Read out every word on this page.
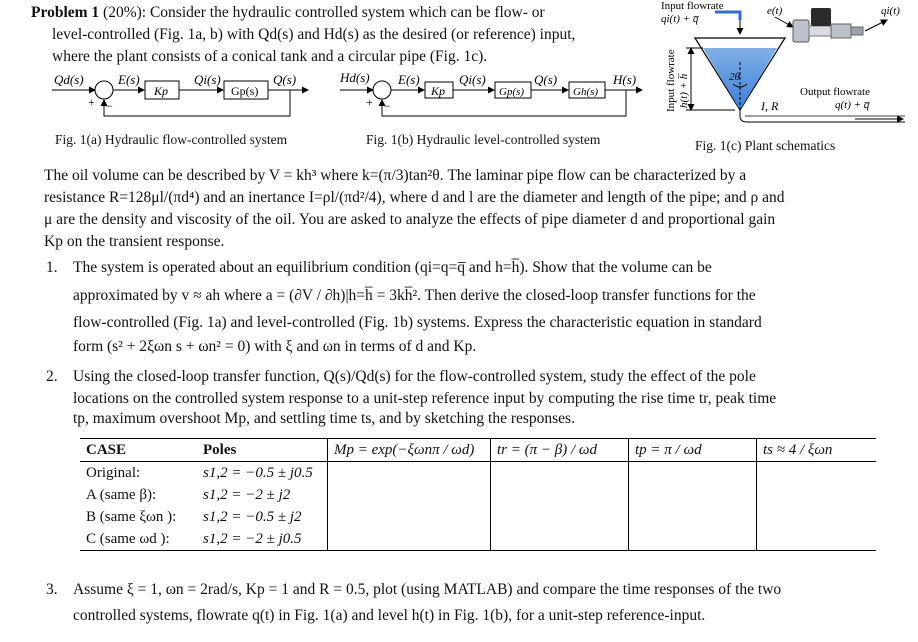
Problem 1 (20%): Consider the hydraulic controlled system which can be flow- or
level-controlled (Fig. 1a, b) with Qd(s) and Hd(s) as the desired (or reference) input,
where the plant consists of a conical tank and a circular pipe (Fig. 1c).
Qd(s)
+ −
E(s)
Kp
Qi(s)
Gp(s)
Q(s)
Fig. 1(a) Hydraulic flow-controlled system
Hd(s)
+ −
E(s)
Kp
Qi(s)
Gp(s)
Q(s)
Gh(s)
H(s)
Fig. 1(b) Hydraulic level-controlled system
Input flowrate
qi(t) + q̅
2θ
Input flowrate h(t) + h̅	I, R
Output flowrate
q(t) + q̅
e(t)	qi(t)
Fig. 1(c) Plant schematics
The oil volume can be described by V = kh³ where k=(π/3)tan²θ. The laminar pipe flow can be characterized by a
resistance R=128μl/(πd⁴) and an inertance I=ρl/(πd²/4), where d and l are the diameter and length of the pipe; and ρ and
μ are the density and viscosity of the oil. You are asked to analyze the effects of pipe diameter d and proportional gain
Kp on the transient response.
1. The system is operated about an equilibrium condition (qi=q=q̅ and h=h̅). Show that the volume can be
approximated by v ≈ ah where a = (∂V / ∂h)|h=h̅ = 3kh̅². Then derive the closed-loop transfer functions for the
flow-controlled (Fig. 1a) and level-controlled (Fig. 1b) systems. Express the characteristic equation in standard
form (s² + 2ξωn s + ωn² = 0) with ξ and ωn in terms of d and Kp.
2. Using the closed-loop transfer function, Q(s)/Qd(s) for the flow-controlled system, study the effect of the pole
locations on the controlled system response to a unit-step reference input by computing the rise time tr, peak time
tp, maximum overshoot Mp, and settling time ts, and by sketching the responses.
CASE	Poles	Mp = exp(−ξωnπ / ωd)	tr = (π − β) / ωd	tp = π / ωd	ts ≈ 4 / ξωn
Original:	s1,2 = −0.5 ± j0.5				
A (same β):	s1,2 = −2 ± j2				
B (same ξωn ):	s1,2 = −0.5 ± j2				
C (same ωd ):	s1,2 = −2 ± j0.5				
3. Assume ξ = 1, ωn = 2rad/s, Kp = 1 and R = 0.5, plot (using MATLAB) and compare the time responses of the two
controlled systems, flowrate q(t) in Fig. 1(a) and level h(t) in Fig. 1(b), for a unit-step reference-input.
